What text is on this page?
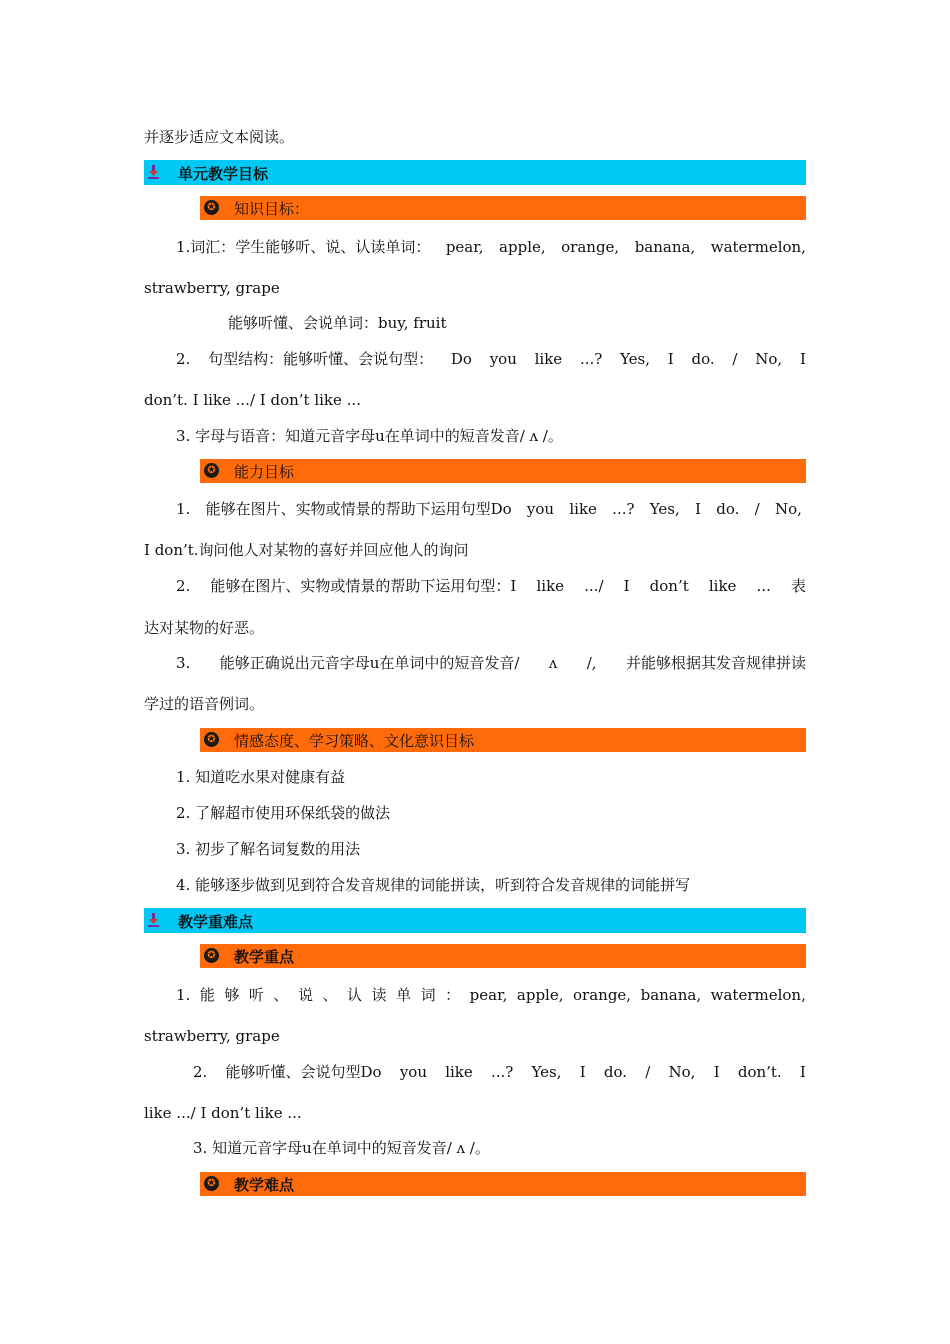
并逐步适应文本阅读。
单元教学目标
✪ 知识目标：
1.词汇：学生能够听、说、认读单词： pear, apple, orange, banana, watermelon,
strawberry, grape
能够听懂、会说单词：buy, fruit
2. 句型结构：能够听懂、会说句型： Do you like ...? Yes, I do. / No, I
don’t. I like .../ I don’t like ...
3. 字母与语音：知道元音字母u在单词中的短音发音/ ʌ /。
✪ 能力目标
1. 能够在图片、实物或情景的帮助下运用句型Do you like ...? Yes, I do. / No,
I don’t.询问他人对某物的喜好并回应他人的询问
2. 能够在图片、实物或情景的帮助下运用句型：I like .../ I don’t like ... 表
达对某物的好恶。
3. 能够正确说出元音字母u在单词中的短音发音/ ʌ /, 并能够根据其发音规律拼读
学过的语音例词。
✪ 情感态度、学习策略、文化意识目标
1. 知道吃水果对健康有益
2. 了解超市使用环保纸袋的做法
3. 初步了解名词复数的用法
4. 能够逐步做到见到符合发音规律的词能拼读，听到符合发音规律的词能拼写
教学重难点
✪ 教学重点
1. 能 够 听 、 说 、 认 读 单 词 ： pear, apple, orange, banana, watermelon,
strawberry, grape
2. 能够听懂、会说句型Do you like ...? Yes, I do. / No, I don’t. I
like .../ I don’t like ...
3. 知道元音字母u在单词中的短音发音/ ʌ /。
✪ 教学难点
